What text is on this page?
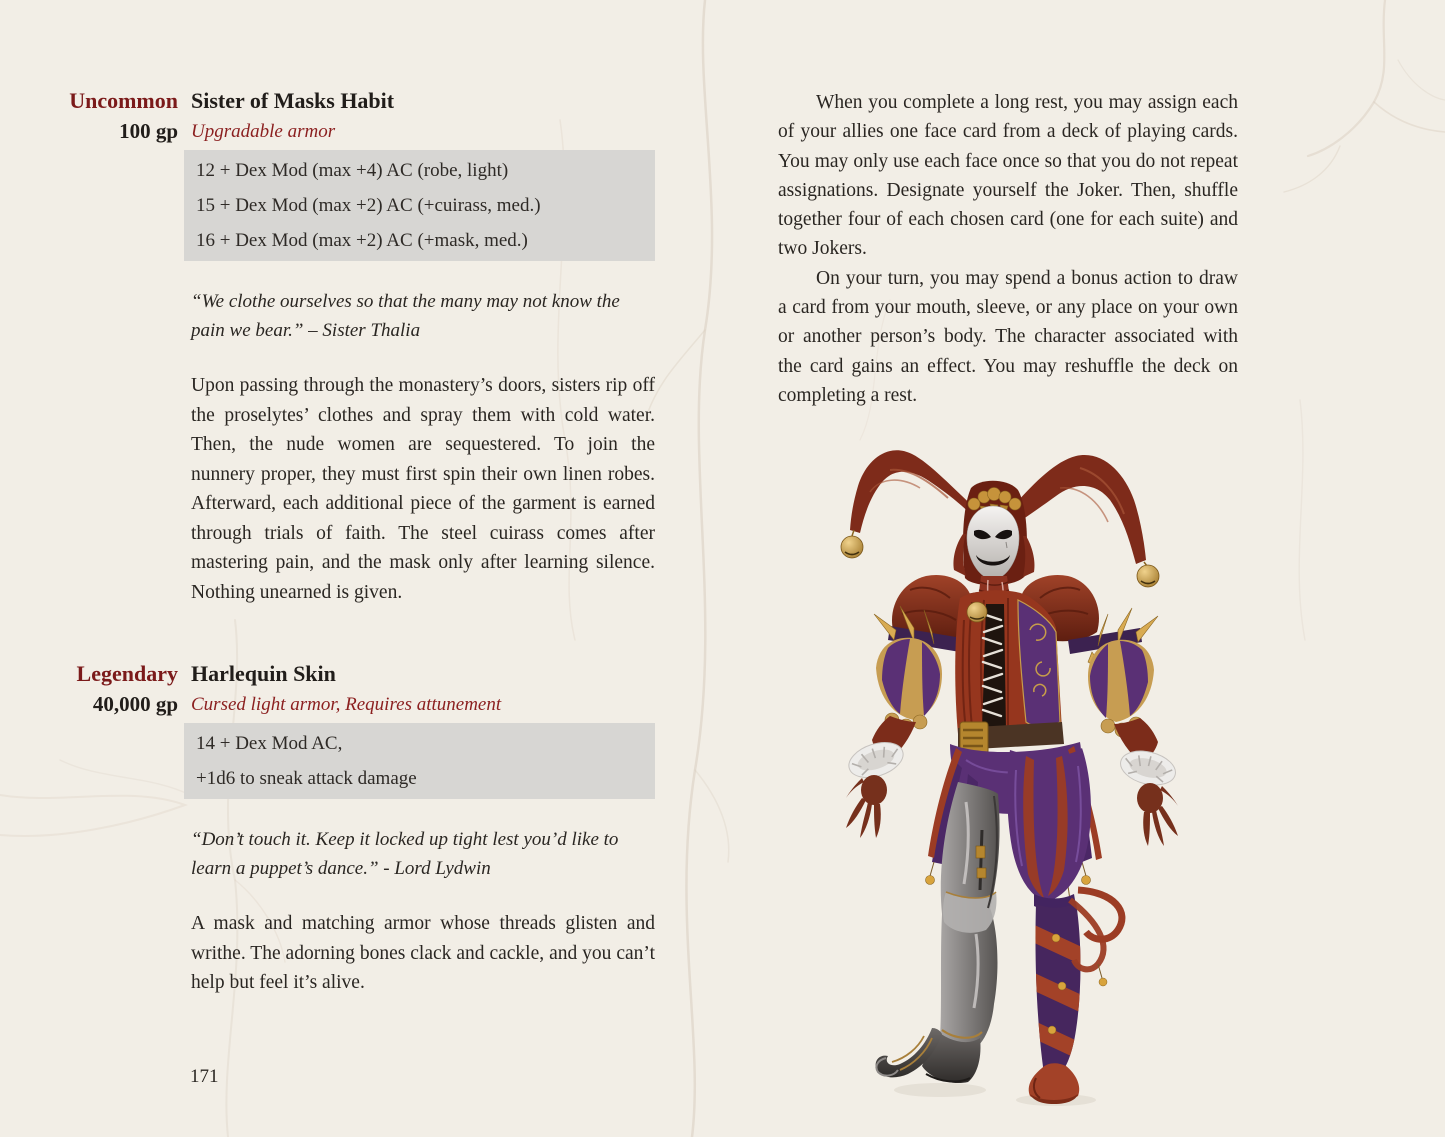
Uncommon
100 gp
Sister of Masks Habit
Upgradable armor
12 + Dex Mod (max +4) AC (robe, light)
15 + Dex Mod (max +2) AC (+cuirass, med.)
16 + Dex Mod (max +2) AC (+mask, med.)

“We clothe ourselves so that the many may not know the pain we bear.” – Sister Thalia

Upon passing through the monastery’s doors, sisters rip off the proselytes’ clothes and spray them with cold water. Then, the nude women are sequestered. To join the nunnery proper, they must first spin their own linen robes. Afterward, each additional piece of the garment is earned through trials of faith. The steel cuirass comes after mastering pain, and the mask only after learning silence. Nothing unearned is given.

Legendary
40,000 gp
Harlequin Skin
Cursed light armor, Requires attunement
14 + Dex Mod AC,
+1d6 to sneak attack damage

“Don’t touch it. Keep it locked up tight lest you’d like to learn a puppet’s dance.” - Lord Lydwin

A mask and matching armor whose threads glisten and writhe. The adorning bones clack and cackle, and you can’t help but feel it’s alive.

171

When you complete a long rest, you may assign each of your allies one face card from a deck of playing cards. You may only use each face once so that you do not repeat assignations. Designate yourself the Joker. Then, shuffle together four of each chosen card (one for each suite) and two Jokers.

On your turn, you may spend a bonus action to draw a card from your mouth, sleeve, or any place on your own or another person’s body. The character associated with the card gains an effect. You may reshuffle the deck on completing a rest.
